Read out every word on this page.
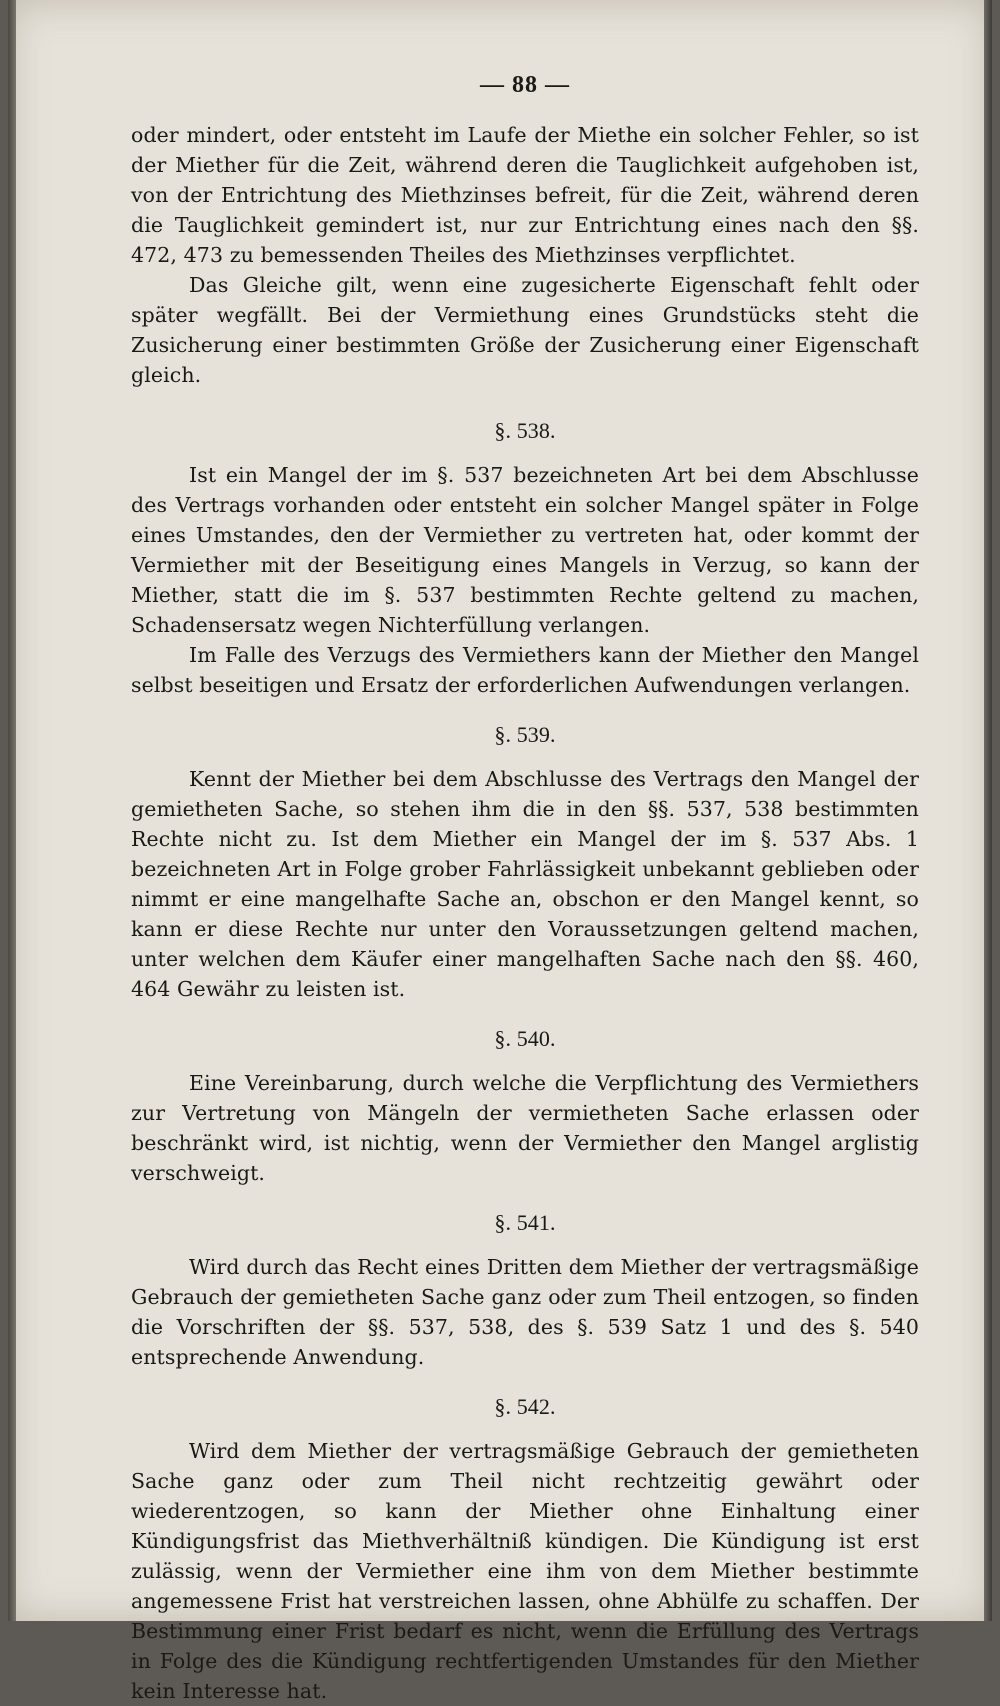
— 88 —

oder mindert, oder entsteht im Laufe der Miethe ein solcher Fehler, so ist der Miether für die Zeit, während deren die Tauglichkeit aufgehoben ist, von der Entrichtung des Miethzinses befreit, für die Zeit, während deren die Tauglichkeit gemindert ist, nur zur Entrichtung eines nach den §§. 472, 473 zu bemessenden Theiles des Miethzinses verpflichtet.

Das Gleiche gilt, wenn eine zugesicherte Eigenschaft fehlt oder später wegfällt. Bei der Vermiethung eines Grundstücks steht die Zusicherung einer bestimmten Größe der Zusicherung einer Eigenschaft gleich.

§. 538.

Ist ein Mangel der im §. 537 bezeichneten Art bei dem Abschlusse des Vertrags vorhanden oder entsteht ein solcher Mangel später in Folge eines Umstandes, den der Vermiether zu vertreten hat, oder kommt der Vermiether mit der Beseitigung eines Mangels in Verzug, so kann der Miether, statt die im §. 537 bestimmten Rechte geltend zu machen, Schadensersatz wegen Nichterfüllung verlangen.

Im Falle des Verzugs des Vermiethers kann der Miether den Mangel selbst beseitigen und Ersatz der erforderlichen Aufwendungen verlangen.

§. 539.

Kennt der Miether bei dem Abschlusse des Vertrags den Mangel der gemietheten Sache, so stehen ihm die in den §§. 537, 538 bestimmten Rechte nicht zu. Ist dem Miether ein Mangel der im §. 537 Abs. 1 bezeichneten Art in Folge grober Fahrlässigkeit unbekannt geblieben oder nimmt er eine mangelhafte Sache an, obschon er den Mangel kennt, so kann er diese Rechte nur unter den Voraussetzungen geltend machen, unter welchen dem Käufer einer mangelhaften Sache nach den §§. 460, 464 Gewähr zu leisten ist.

§. 540.

Eine Vereinbarung, durch welche die Verpflichtung des Vermiethers zur Vertretung von Mängeln der vermietheten Sache erlassen oder beschränkt wird, ist nichtig, wenn der Vermiether den Mangel arglistig verschweigt.

§. 541.

Wird durch das Recht eines Dritten dem Miether der vertragsmäßige Gebrauch der gemietheten Sache ganz oder zum Theil entzogen, so finden die Vorschriften der §§. 537, 538, des §. 539 Satz 1 und des §. 540 entsprechende Anwendung.

§. 542.

Wird dem Miether der vertragsmäßige Gebrauch der gemietheten Sache ganz oder zum Theil nicht rechtzeitig gewährt oder wiederentzogen, so kann der Miether ohne Einhaltung einer Kündigungsfrist das Miethverhältniß kündigen. Die Kündigung ist erst zulässig, wenn der Vermiether eine ihm von dem Miether bestimmte angemessene Frist hat verstreichen lassen, ohne Abhülfe zu schaffen. Der Bestimmung einer Frist bedarf es nicht, wenn die Erfüllung des Vertrags in Folge des die Kündigung rechtfertigenden Umstandes für den Miether kein Interesse hat.
